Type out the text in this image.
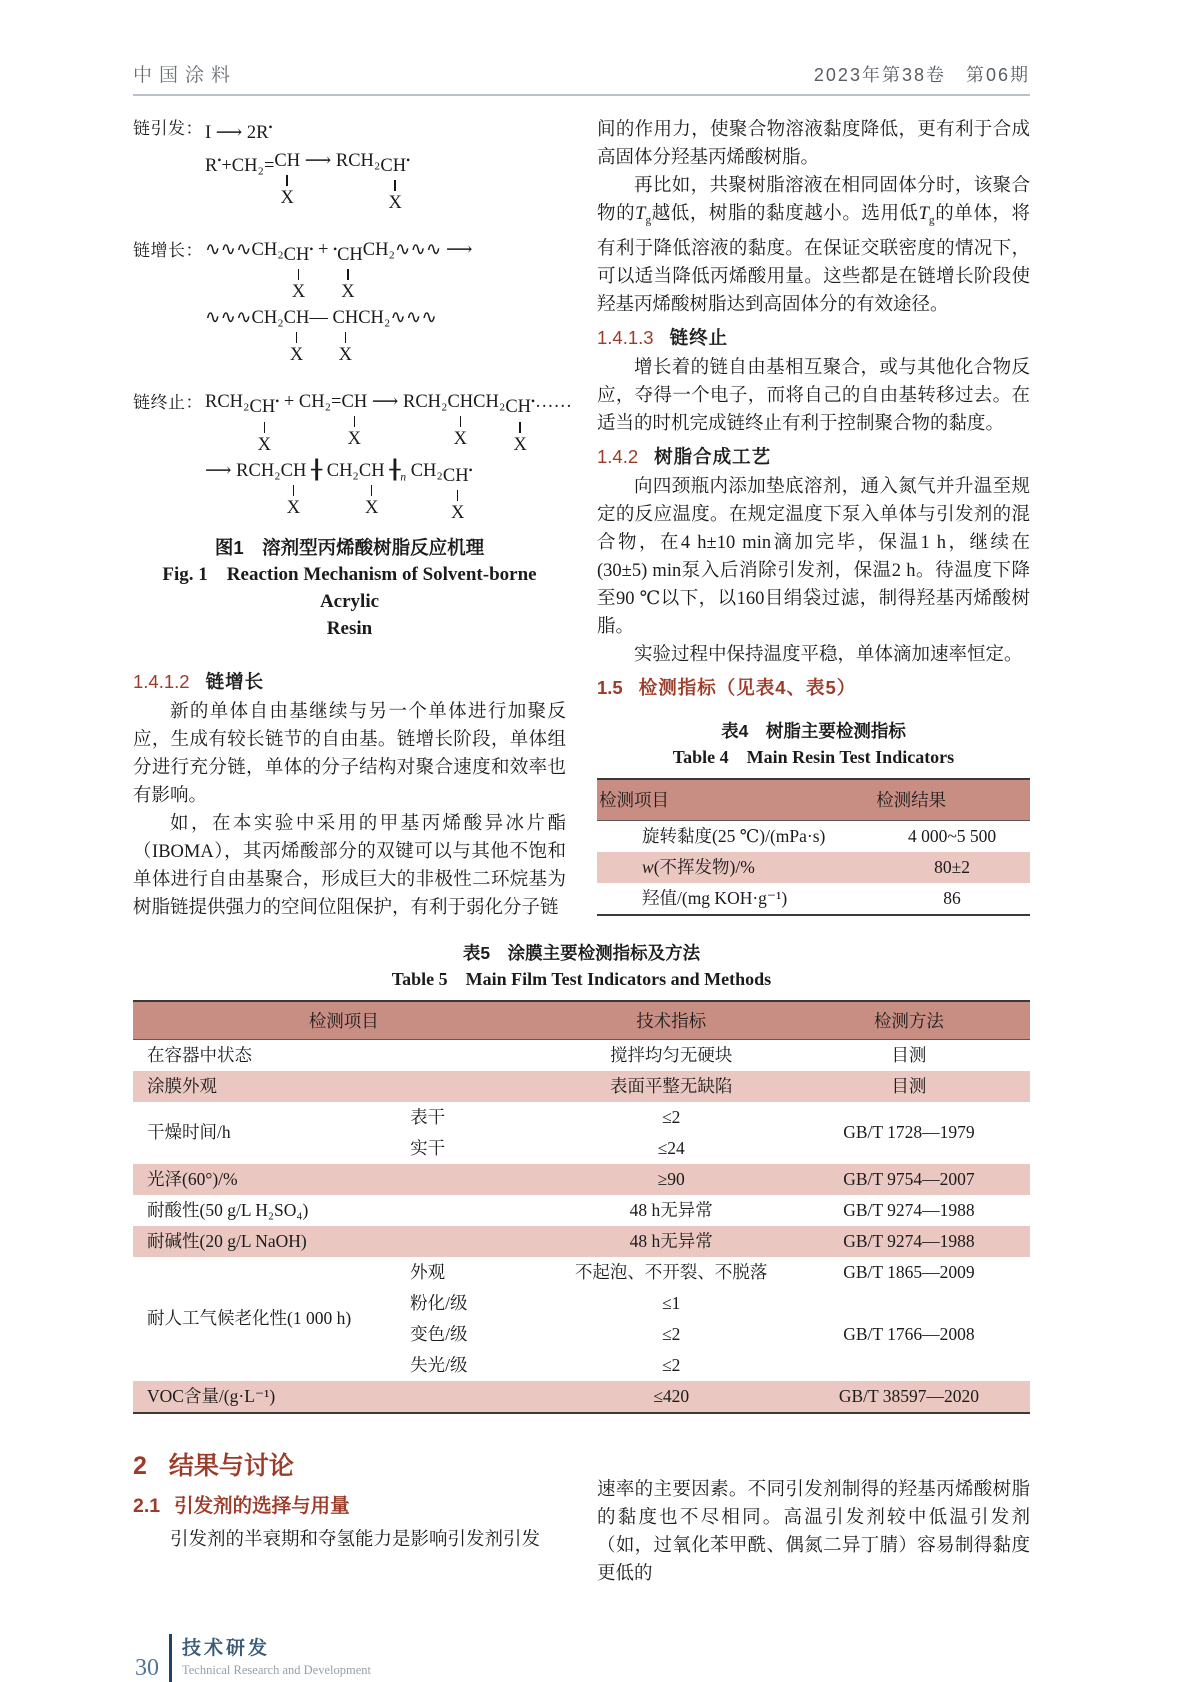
中国涂料	2023年第38卷　第06期
链引发： I ⟶ 2R•
R•+CH₂= CH
X
⟶ RCH₂ CH•
X
链增长： ∿∿∿CH₂ CH•
X
+ •CH
X
CH₂∿∿∿ ⟶
∿∿∿CH₂ CH
X
— CH
X
CH₂∿∿∿
链终止： RCH₂ CH•
X
+ CH₂= CH
X
⟶ RCH₂ CH
X
CH₂ CH•
X
……
⟶ RCH₂ CH
X
╂ CH₂ CH
X
$╂_n$ CH₂ CH•
X
图1　溶剂型丙烯酸树脂反应机理
Fig. 1　Reaction Mechanism of Solvent-borne Acrylic
Resin
1.4.1.2 链增长

新的单体自由基继续与另一个单体进行加聚反应，生成有较长链节的自由基。链增长阶段，单体组分进行充分链，单体的分子结构对聚合速度和效率也有影响。

如，在本实验中采用的甲基丙烯酸异冰片酯（IBOMA），其丙烯酸部分的双键可以与其他不饱和单体进行自由基聚合，形成巨大的非极性二环烷基为树脂链提供强力的空间位阻保护，有利于弱化分子链

间的作用力，使聚合物溶液黏度降低，更有利于合成高固体分羟基丙烯酸树脂。

再比如，共聚树脂溶液在相同固体分时，该聚合物的$T_g$越低，树脂的黏度越小。选用低$T_g$的单体，将有利于降低溶液的黏度。在保证交联密度的情况下，可以适当降低丙烯酸用量。这些都是在链增长阶段使羟基丙烯酸树脂达到高固体分的有效途径。

1.4.1.3 链终止

增长着的链自由基相互聚合，或与其他化合物反应，夺得一个电子，而将自己的自由基转移过去。在适当的时机完成链终止有利于控制聚合物的黏度。

1.4.2 树脂合成工艺

向四颈瓶内添加垫底溶剂，通入氮气并升温至规定的反应温度。在规定温度下泵入单体与引发剂的混合物，在4 h±10 min滴加完毕，保温1 h，继续在(30±5) min泵入后消除引发剂，保温2 h。待温度下降至90 ℃以下，以160目绢袋过滤，制得羟基丙烯酸树脂。

实验过程中保持温度平稳，单体滴加速率恒定。

1.5 检测指标（见表4、表5）
表4　树脂主要检测指标
Table 4　Main Resin Test Indicators
检测项目	检测结果
旋转黏度(25 ℃)/(mPa·s)	4 000~5 500
w(不挥发物)/%	80±2
羟值/(mg KOH·g⁻¹)	86
表5　涂膜主要检测指标及方法
Table 5　Main Film Test Indicators and Methods
检测项目		技术指标	检测方法
在容器中状态		搅拌均匀无硬块	目测
涂膜外观		表面平整无缺陷	目测
干燥时间/h	表干	≤2	GB/T 1728—1979
	实干	≤24	
光泽(60°)/%		≥90	GB/T 9754—2007
耐酸性(50 g/L H₂SO₄)		48 h无异常	GB/T 9274—1988
耐碱性(20 g/L NaOH)		48 h无异常	GB/T 9274—1988
耐人工气候老化性(1 000 h)	外观	不起泡、不开裂、不脱落	GB/T 1865—2009
	粉化/级	≤1	GB/T 1766—2008
	变色/级	≤2	
	失光/级	≤2	
VOC含量/(g·L⁻¹)		≤420	GB/T 38597—2020
2 结果与讨论
2.1 引发剂的选择与用量

引发剂的半衰期和夺氢能力是影响引发剂引发

速率的主要因素。不同引发剂制得的羟基丙烯酸树脂的黏度也不尽相同。高温引发剂较中低温引发剂（如，过氧化苯甲酰、偶氮二异丁腈）容易制得黏度更低的

30
技术研发
Technical Research and Development
